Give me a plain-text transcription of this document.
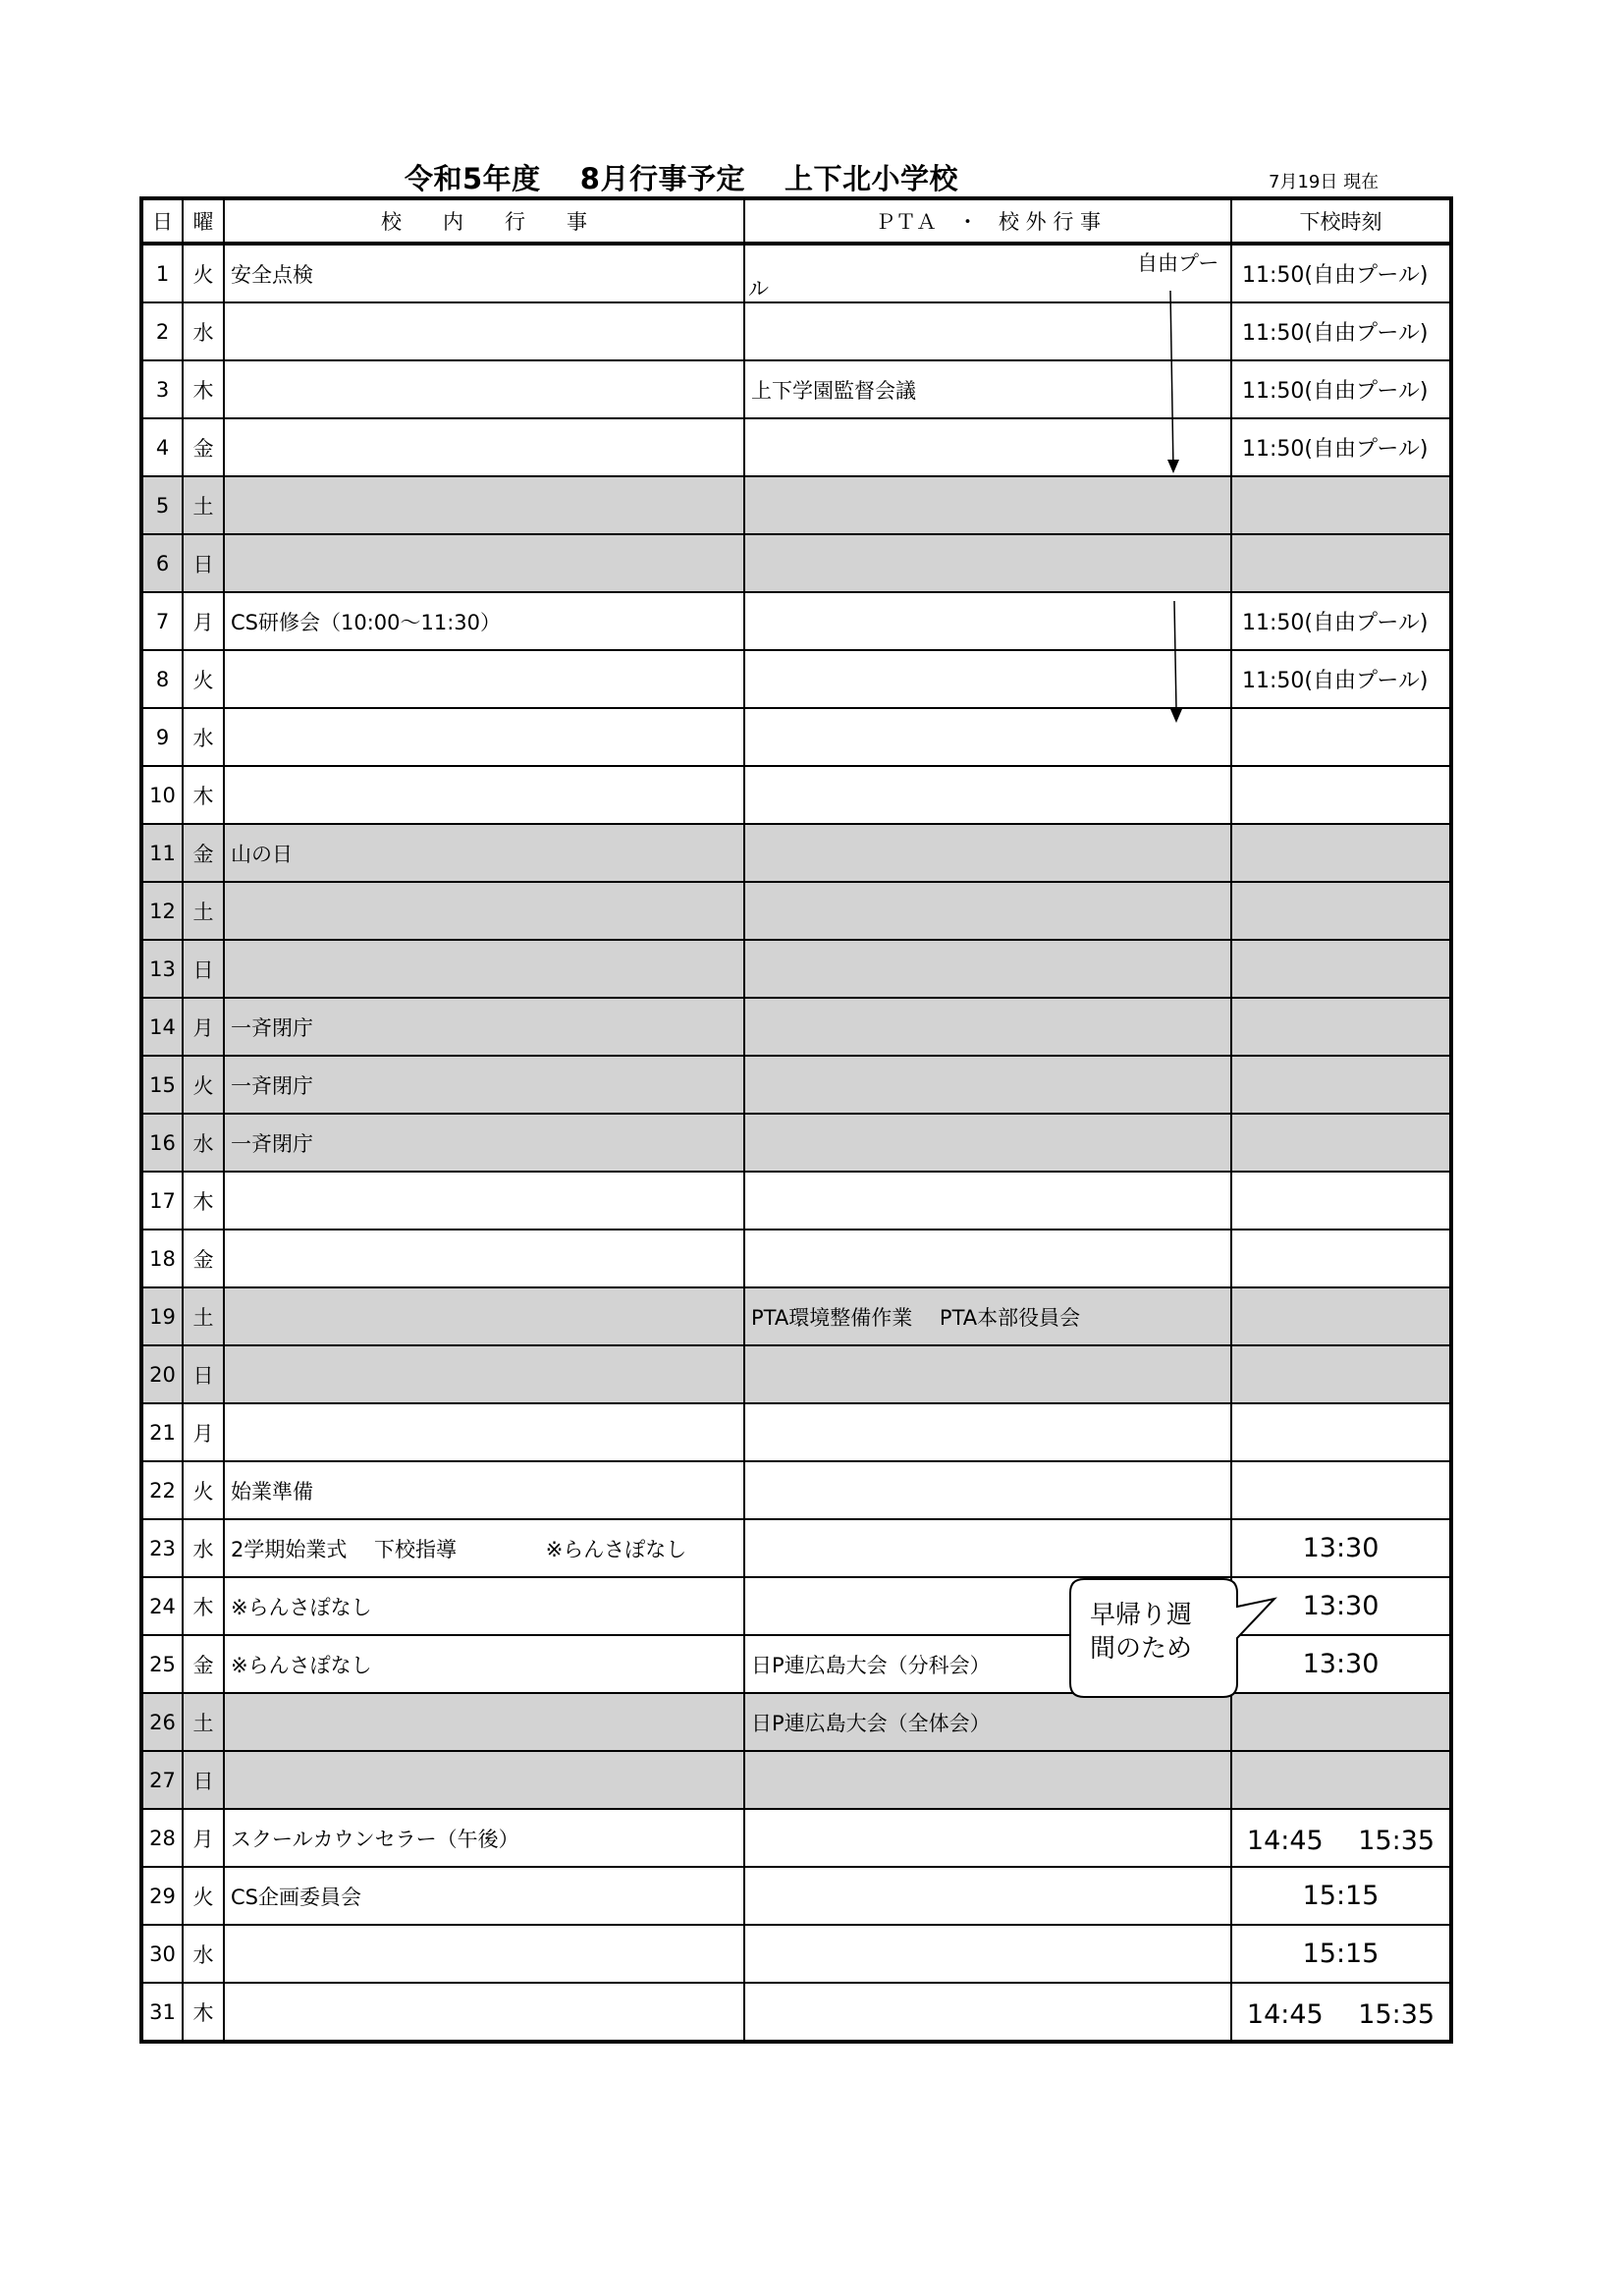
令和5年度　 8月行事予定　 上下北小学校	7月19日 現在
日	曜	校　　内　　行　　事	ＰＴＡ　・　校 外 行 事	下校時刻
1	火	安全点検		11:50(自由プール)
2	水			11:50(自由プール)
3	木		上下学園監督会議	11:50(自由プール)
4	金			11:50(自由プール)
5	土			
6	日			
7	月	CS研修会（10:00〜11:30）		11:50(自由プール)
8	火			11:50(自由プール)
9	水			
10	木			
11	金	山の日		
12	土			
13	日			
14	月	一斉閉庁		
15	火	一斉閉庁		
16	水	一斉閉庁		
17	木			
18	金			
19	土		PTA環境整備作業　 PTA本部役員会	
20	日			
21	月			
22	火	始業準備		
23	水	2学期始業式　 下校指導　　　　 ※らんさぽなし		13:30
24	木	※らんさぽなし		13:30
25	金	※らんさぽなし	日P連広島大会（分科会）	13:30
26	土		日P連広島大会（全体会）	
27	日			
28	月	スクールカウンセラー（午後）		14:45　 15:35
29	火	CS企画委員会		15:15
30	水			15:15
31	木			14:45　 15:35
自由プー
ル
早帰り週
間のため
